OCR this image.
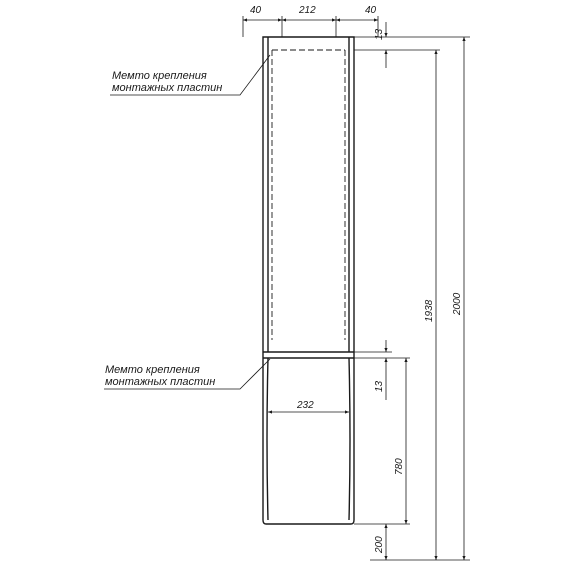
40	212	40
13
1938 2000
13
780
200
232
Мемто крепления
монтажных пластин
Мемто крепления
монтажных пластин
